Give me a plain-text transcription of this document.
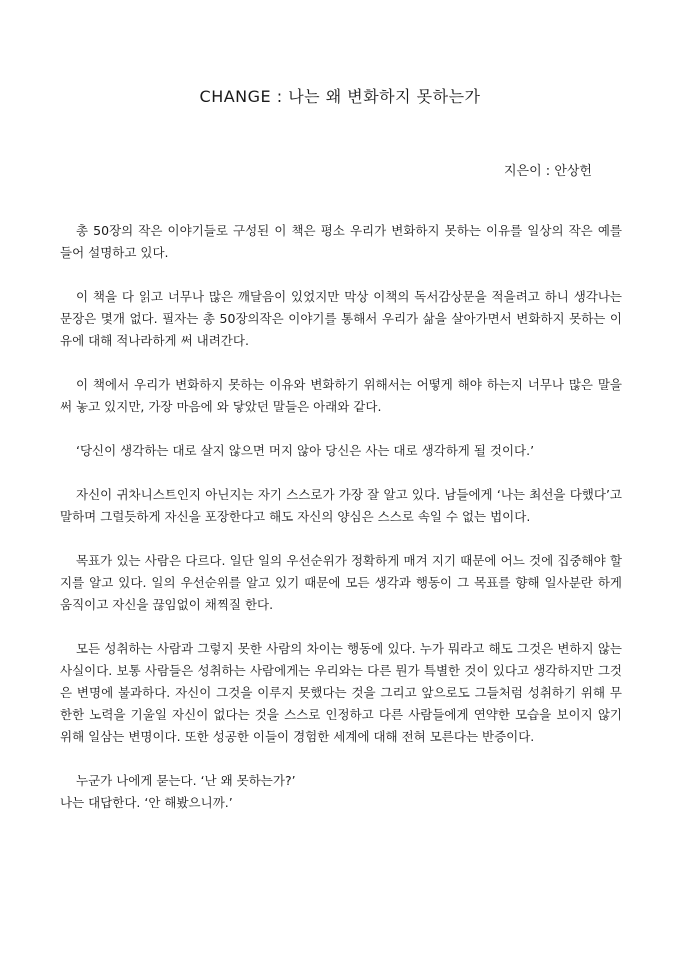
CHANGE : 나는 왜 변화하지 못하는가
지은이 : 안상헌

총 50장의 작은 이야기들로 구성된 이 책은 평소 우리가 변화하지 못하는 이유를 일상의 작은 예를 들어 설명하고 있다.

이 책을 다 읽고 너무나 많은 깨달음이 있었지만 막상 이책의 독서감상문을 적을려고 하니 생각나는 문장은 몇개 없다. 필자는 총 50장의작은 이야기를 통해서 우리가 삶을 살아가면서 변화하지 못하는 이유에 대해 적나라하게 써 내려간다.

이 책에서 우리가 변화하지 못하는 이유와 변화하기 위해서는 어떻게 해야 하는지 너무나 많은 말을 써 놓고 있지만, 가장 마음에 와 닿았던 말들은 아래와 같다.

‘당신이 생각하는 대로 살지 않으면 머지 않아 당신은 사는 대로 생각하게 될 것이다.’

자신이 귀차니스트인지 아닌지는 자기 스스로가 가장 잘 알고 있다. 남들에게 ‘나는 최선을 다했다’고 말하며 그럴듯하게 자신을 포장한다고 해도 자신의 양심은 스스로 속일 수 없는 법이다.

목표가 있는 사람은 다르다. 일단 일의 우선순위가 정확하게 매겨 지기 때문에 어느 것에 집중해야 할 지를 알고 있다. 일의 우선순위를 알고 있기 때문에 모든 생각과 행동이 그 목표를 향해 일사분란 하게 움직이고 자신을 끊임없이 채찍질 한다.

모든 성취하는 사람과 그렇지 못한 사람의 차이는 행동에 있다. 누가 뭐라고 해도 그것은 변하지 않는 사실이다. 보통 사람들은 성취하는 사람에게는 우리와는 다른 뭔가 특별한 것이 있다고 생각하지만 그것은 변명에 불과하다. 자신이 그것을 이루지 못했다는 것을 그리고 앞으로도 그들처럼 성취하기 위해 무한한 노력을 기울일 자신이 없다는 것을 스스로 인정하고 다른 사람들에게 연약한 모습을 보이지 않기 위해 일삼는 변명이다. 또한 성공한 이들이 경험한 세계에 대해 전혀 모른다는 반증이다.

누군가 나에게 묻는다. ‘난 왜 못하는가?’
나는 대답한다. ‘안 해봤으니까.’
